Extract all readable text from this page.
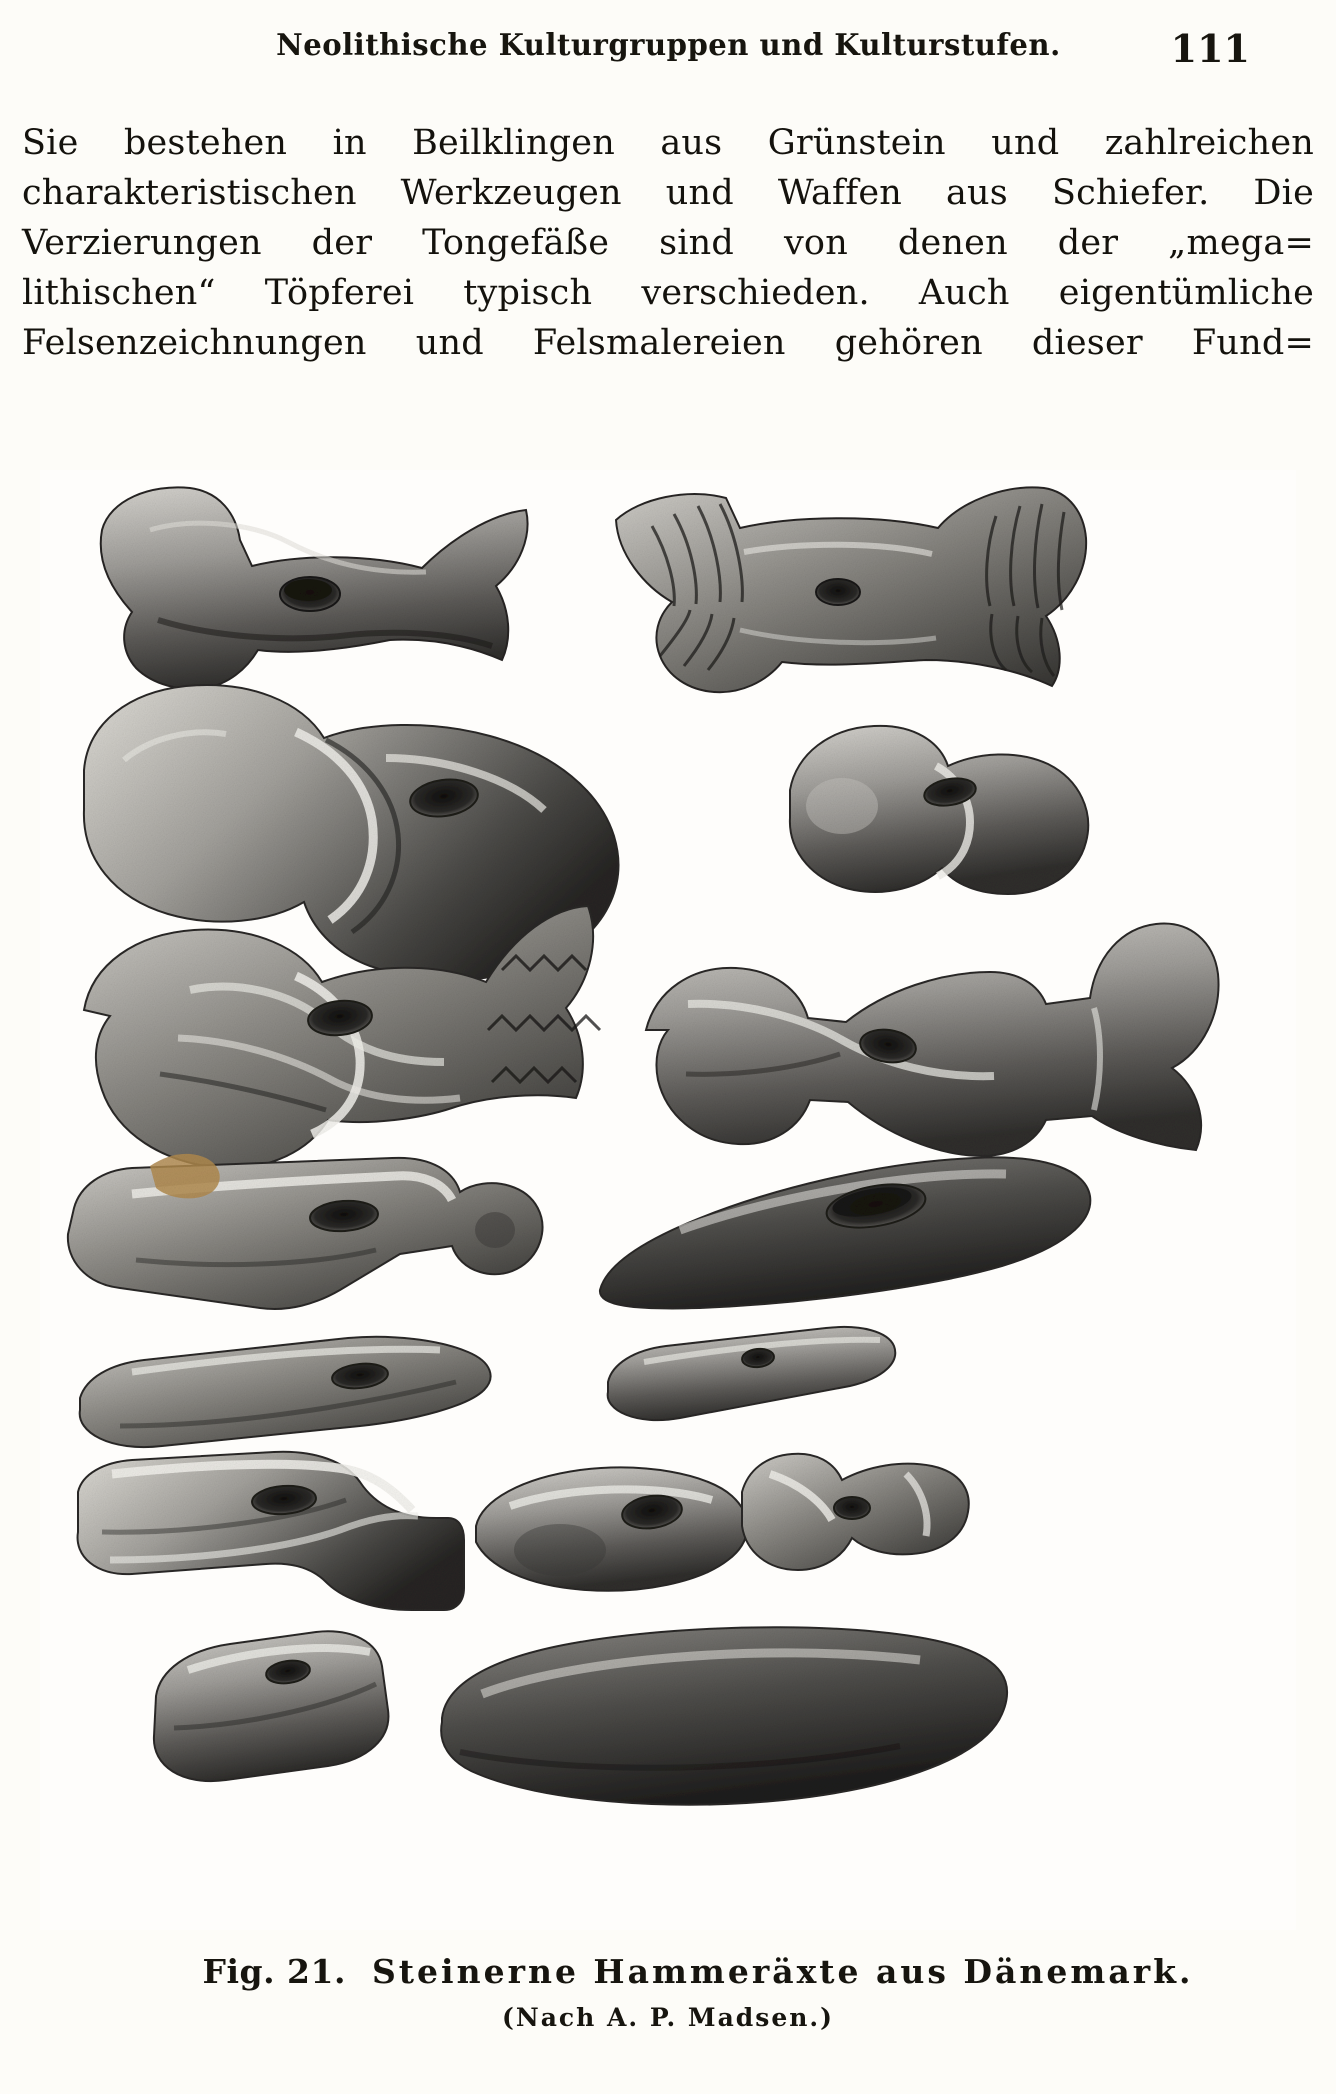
Neolithische Kulturgruppen und Kulturstufen.	111

Sie bestehen in Beilklingen aus Grünstein und zahlreichen
charakteristischen Werkzeugen und Waffen aus Schiefer. Die
Verzierungen der Tongefäße sind von denen der „mega=
lithischen“ Töpferei typisch verschieden. Auch eigentümliche
Felsenzeichnungen und Felsmalereien gehören dieser Fund=

Fig. 21. Steinerne Hammeräxte aus Dänemark.
(Nach A. P. Madsen.)
